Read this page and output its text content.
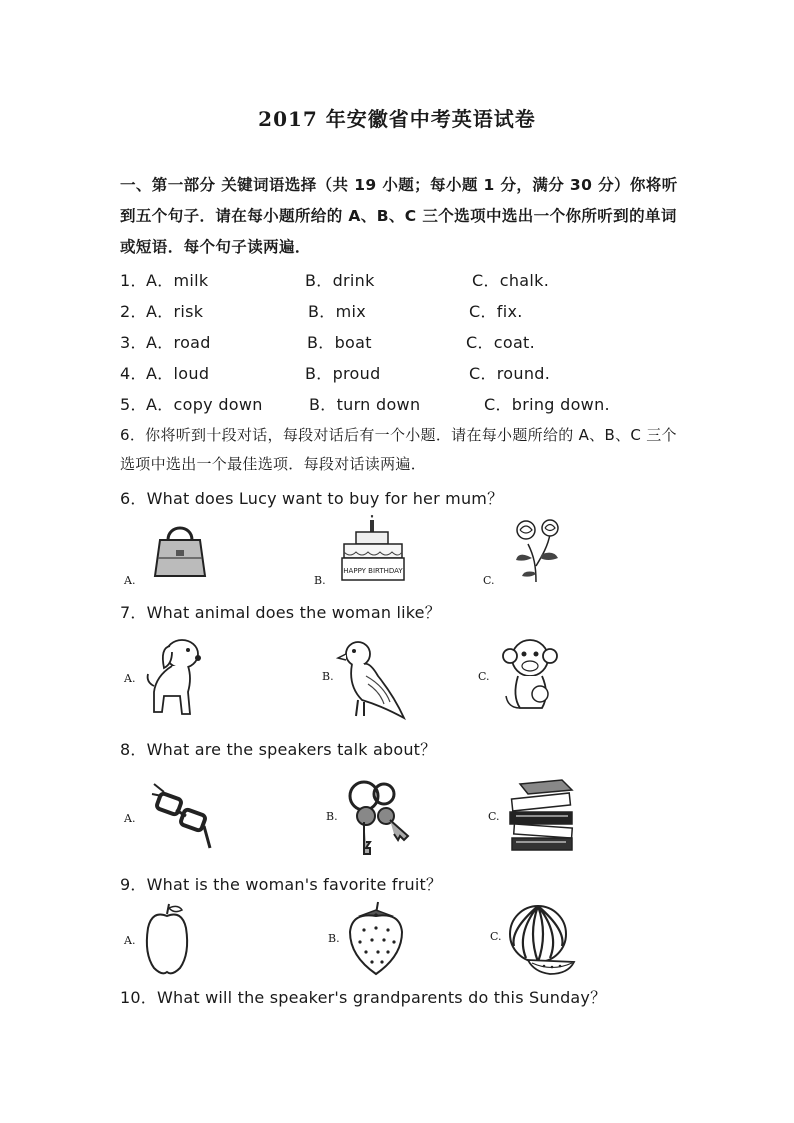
2017 年安徽省中考英语试卷
一、第一部分 关键词语选择（共 19 小题；每小题 1 分，满分 30 分）你将听到五个句子．请在每小题所给的 A、B、C 三个选项中选出一个你所听到的单词或短语．每个句子读两遍．
1． A．milk	B．drink	C．chalk.
2． A．risk	B．mix	C．fix.
3． A．road	B．boat	C．coat.
4． A．loud	B．proud	C．round.
5． A．copy down	B．turn down	C．bring down.
6．你将听到十段对话，每段对话后有一个小题．请在每小题所给的 A、B、C 三个选项中选出一个最佳选项．每段对话读两遍．
6．What does Lucy want to buy for her mum？
A.	B.	C.
HAPPY BIRTHDAY
7．What animal does the woman like？
A.	B.	C.
8．What are the speakers talk about？
A.	B.	C.
9．What is the woman's favorite fruit？
A.	B.	C.
10．What will the speaker's grandparents do this Sunday？
